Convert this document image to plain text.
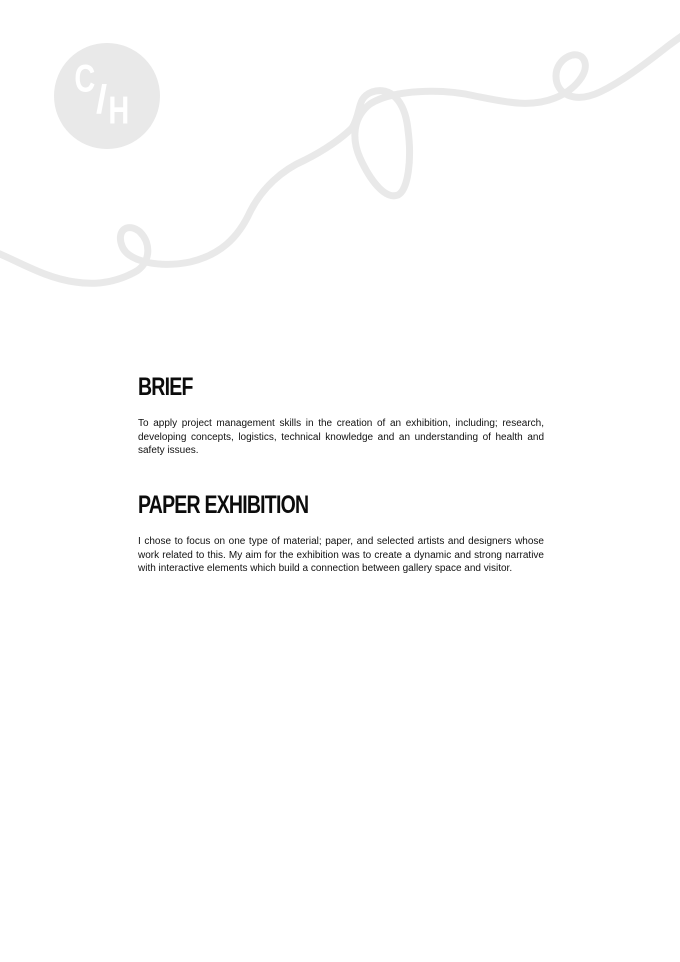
C / H
BRIEF

To apply project management skills in the creation of an exhibition, including; research, developing concepts, logistics, technical knowledge and an understanding of health and safety issues.

PAPER EXHIBITION

I chose to focus on one type of material; paper, and selected artists and designers whose work related to this. My aim for the exhibition was to create a dynamic and strong narrative with interactive elements which build a connection between gallery space and visitor.
